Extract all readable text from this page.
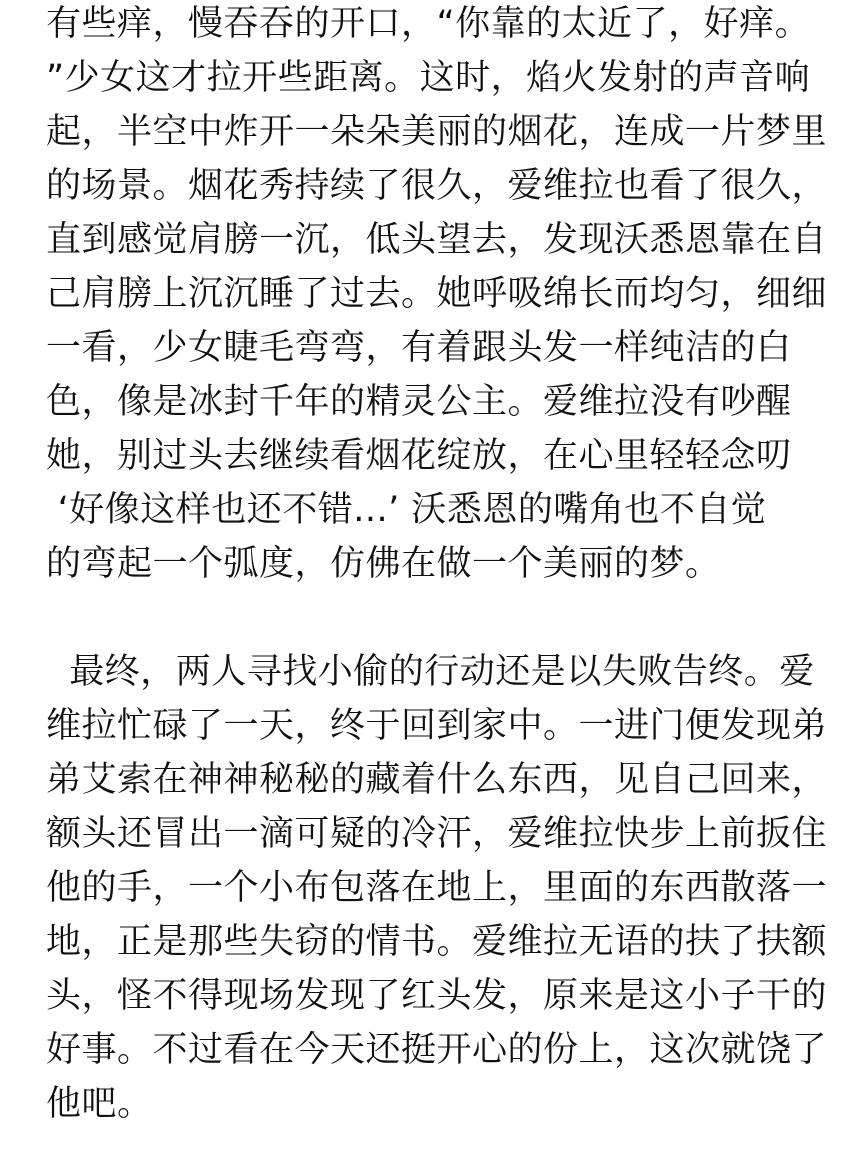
有些痒，慢吞吞的开口，“你靠的太近了，好痒。
”少女这才拉开些距离。这时，焰火发射的声音响
起，半空中炸开一朵朵美丽的烟花，连成一片梦里
的场景。烟花秀持续了很久，爱维拉也看了很久，
直到感觉肩膀一沉，低头望去，发现沃悉恩靠在自
己肩膀上沉沉睡了过去。她呼吸绵长而均匀，细细
一看，少女睫毛弯弯，有着跟头发一样纯洁的白
色，像是冰封千年的精灵公主。爱维拉没有吵醒
她，别过头去继续看烟花绽放，在心里轻轻念叨
‘好像这样也还不错...’ 沃悉恩的嘴角也不自觉
的弯起一个弧度，仿佛在做一个美丽的梦。
最终，两人寻找小偷的行动还是以失败告终。爱
维拉忙碌了一天，终于回到家中。一进门便发现弟
弟艾索在神神秘秘的藏着什么东西，见自己回来，
额头还冒出一滴可疑的冷汗，爱维拉快步上前扳住
他的手，一个小布包落在地上，里面的东西散落一
地，正是那些失窃的情书。爱维拉无语的扶了扶额
头，怪不得现场发现了红头发，原来是这小子干的
好事。不过看在今天还挺开心的份上，这次就饶了
他吧。
